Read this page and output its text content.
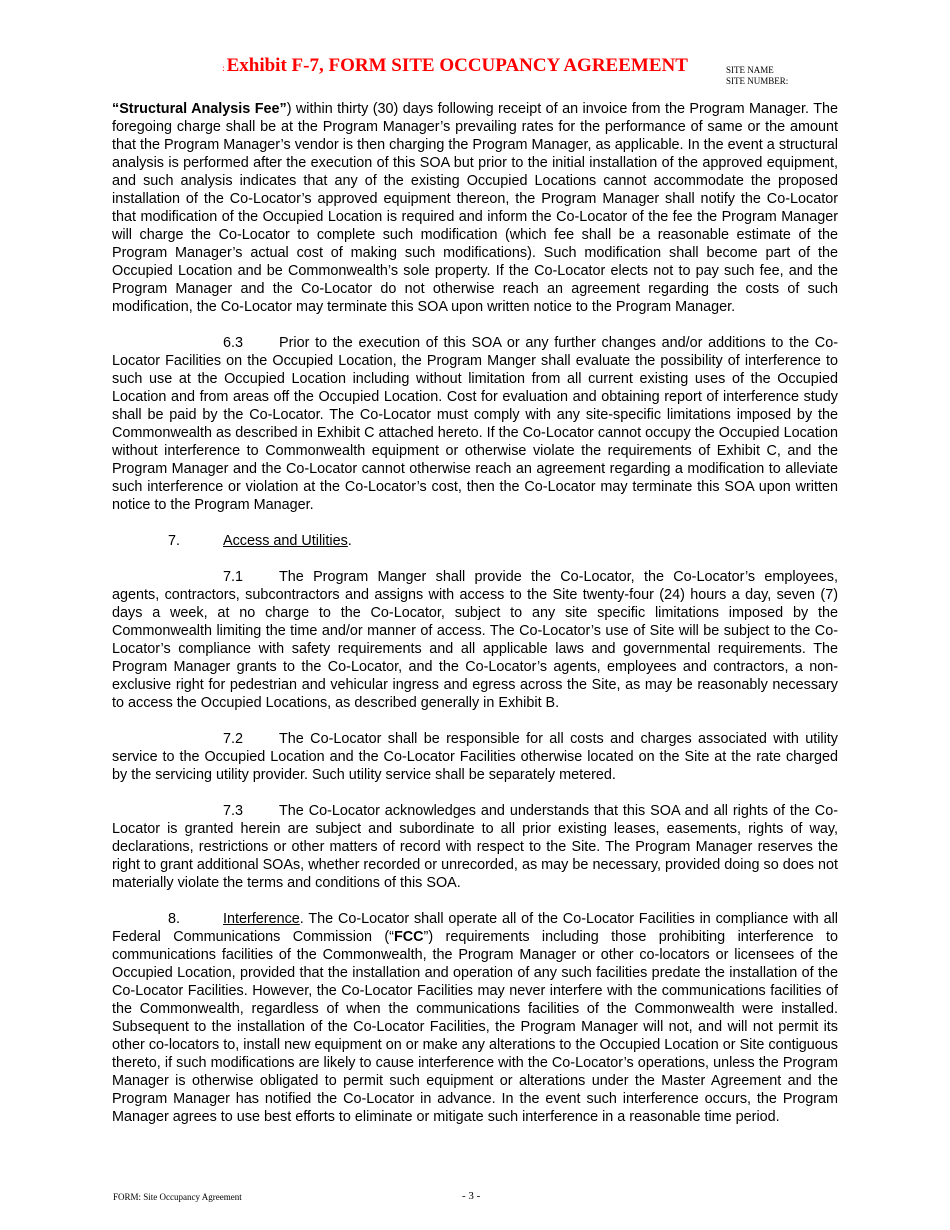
: Exhibit F-7, FORM SITE OCCUPANCY AGREEMENT	SITE NAME
SITE NUMBER:

“Structural Analysis Fee”) within thirty (30) days following receipt of an invoice from the Program Manager. The foregoing charge shall be at the Program Manager’s prevailing rates for the performance of same or the amount that the Program Manager’s vendor is then charging the Program Manager, as applicable. In the event a structural analysis is performed after the execution of this SOA but prior to the initial installation of the approved equipment, and such analysis indicates that any of the existing Occupied Locations cannot accommodate the proposed installation of the Co-Locator’s approved equipment thereon, the Program Manager shall notify the Co-Locator that modification of the Occupied Location is required and inform the Co-Locator of the fee the Program Manager will charge the Co-Locator to complete such modification (which fee shall be a reasonable estimate of the Program Manager’s actual cost of making such modifications). Such modification shall become part of the Occupied Location and be Commonwealth’s sole property. If the Co-Locator elects not to pay such fee, and the Program Manager and the Co-Locator do not otherwise reach an agreement regarding the costs of such modification, the Co-Locator may terminate this SOA upon written notice to the Program Manager.

6.3 Prior to the execution of this SOA or any further changes and/or additions to the Co-Locator Facilities on the Occupied Location, the Program Manger shall evaluate the possibility of interference to such use at the Occupied Location including without limitation from all current existing uses of the Occupied Location and from areas off the Occupied Location. Cost for evaluation and obtaining report of interference study shall be paid by the Co-Locator. The Co-Locator must comply with any site-specific limitations imposed by the Commonwealth as described in Exhibit C attached hereto. If the Co-Locator cannot occupy the Occupied Location without interference to Commonwealth equipment or otherwise violate the requirements of Exhibit C, and the Program Manager and the Co-Locator cannot otherwise reach an agreement regarding a modification to alleviate such interference or violation at the Co-Locator’s cost, then the Co-Locator may terminate this SOA upon written notice to the Program Manager.

7.	Access and Utilities.

7.1 The Program Manger shall provide the Co-Locator, the Co-Locator’s employees, agents, contractors, subcontractors and assigns with access to the Site twenty-four (24) hours a day, seven (7) days a week, at no charge to the Co-Locator, subject to any site specific limitations imposed by the Commonwealth limiting the time and/or manner of access. The Co-Locator’s use of Site will be subject to the Co-Locator’s compliance with safety requirements and all applicable laws and governmental requirements. The Program Manager grants to the Co-Locator, and the Co-Locator’s agents, employees and contractors, a non-exclusive right for pedestrian and vehicular ingress and egress across the Site, as may be reasonably necessary to access the Occupied Locations, as described generally in Exhibit B.

7.2 The Co-Locator shall be responsible for all costs and charges associated with utility service to the Occupied Location and the Co-Locator Facilities otherwise located on the Site at the rate charged by the servicing utility provider. Such utility service shall be separately metered.

7.3 The Co-Locator acknowledges and understands that this SOA and all rights of the Co-Locator is granted herein are subject and subordinate to all prior existing leases, easements, rights of way, declarations, restrictions or other matters of record with respect to the Site. The Program Manager reserves the right to grant additional SOAs, whether recorded or unrecorded, as may be necessary, provided doing so does not materially violate the terms and conditions of this SOA.

8.	Interference. The Co-Locator shall operate all of the Co-Locator Facilities in compliance with all Federal Communications Commission (“FCC”) requirements including those prohibiting interference to communications facilities of the Commonwealth, the Program Manager or other co-locators or licensees of the Occupied Location, provided that the installation and operation of any such facilities predate the installation of the Co-Locator Facilities. However, the Co-Locator Facilities may never interfere with the communications facilities of the Commonwealth, regardless of when the communications facilities of the Commonwealth were installed. Subsequent to the installation of the Co-Locator Facilities, the Program Manager will not, and will not permit its other co-locators to, install new equipment on or make any alterations to the Occupied Location or Site contiguous thereto, if such modifications are likely to cause interference with the Co-Locator’s operations, unless the Program Manager is otherwise obligated to permit such equipment or alterations under the Master Agreement and the Program Manager has notified the Co-Locator in advance. In the event such interference occurs, the Program Manager agrees to use best efforts to eliminate or mitigate such interference in a reasonable time period.

FORM: Site Occupancy Agreement	- 3 -
